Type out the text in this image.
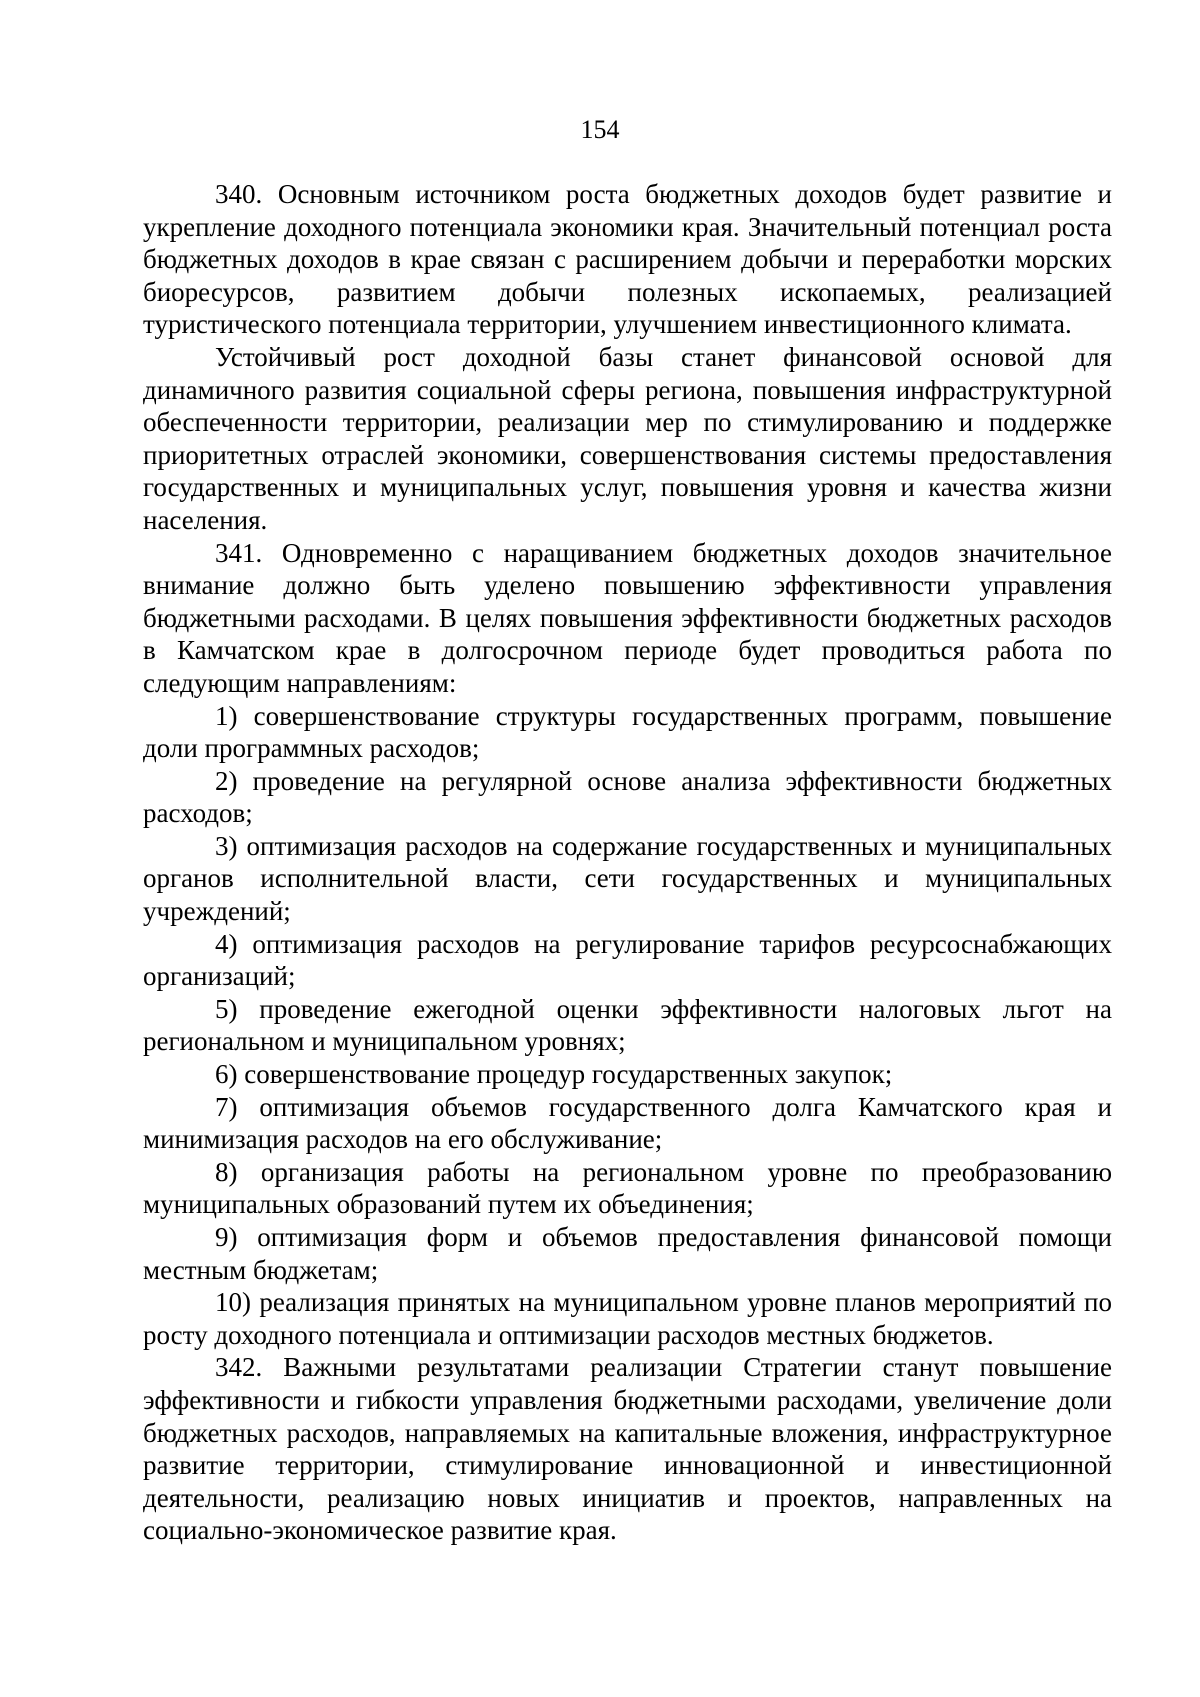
154

340. Основным источником роста бюджетных доходов будет развитие и укрепление доходного потенциала экономики края. Значительный потенциал роста бюджетных доходов в крае связан с расширением добычи и переработки морских биоресурсов, развитием добычи полезных ископаемых, реализацией туристического потенциала территории, улучшением инвестиционного климата.

Устойчивый рост доходной базы станет финансовой основой для динамичного развития социальной сферы региона, повышения инфраструктурной обеспеченности территории, реализации мер по стимулированию и поддержке приоритетных отраслей экономики, совершенствования системы предоставления государственных и муниципальных услуг, повышения уровня и качества жизни населения.

341. Одновременно с наращиванием бюджетных доходов значительное внимание должно быть уделено повышению эффективности управления бюджетными расходами. В целях повышения эффективности бюджетных расходов в Камчатском крае в долгосрочном периоде будет проводиться работа по следующим направлениям:

1) совершенствование структуры государственных программ, повышение доли программных расходов;

2) проведение на регулярной основе анализа эффективности бюджетных расходов;

3) оптимизация расходов на содержание государственных и муниципальных органов исполнительной власти, сети государственных и муниципальных учреждений;

4) оптимизация расходов на регулирование тарифов ресурсоснабжающих организаций;

5) проведение ежегодной оценки эффективности налоговых льгот на региональном и муниципальном уровнях;

6) совершенствование процедур государственных закупок;

7) оптимизация объемов государственного долга Камчатского края и минимизация расходов на его обслуживание;

8) организация работы на региональном уровне по преобразованию муниципальных образований путем их объединения;

9) оптимизация форм и объемов предоставления финансовой помощи местным бюджетам;

10) реализация принятых на муниципальном уровне планов мероприятий по росту доходного потенциала и оптимизации расходов местных бюджетов.

342. Важными результатами реализации Стратегии станут повышение эффективности и гибкости управления бюджетными расходами, увеличение доли бюджетных расходов, направляемых на капитальные вложения, инфраструктурное развитие территории, стимулирование инновационной и инвестиционной деятельности, реализацию новых инициатив и проектов, направленных на социально-экономическое развитие края.
